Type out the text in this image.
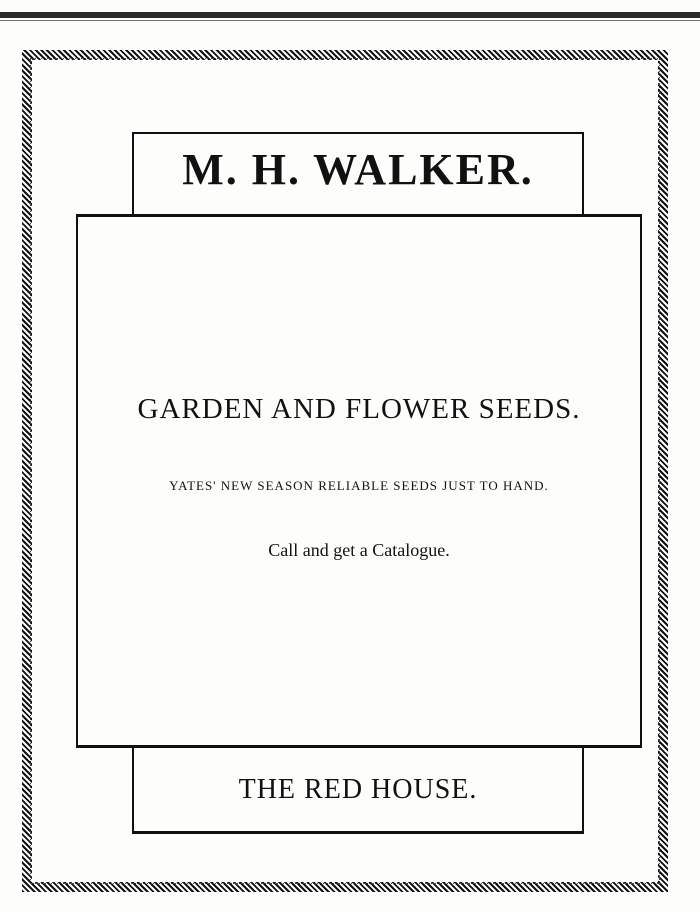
M. H. WALKER.
GARDEN AND FLOWER SEEDS.
YATES' NEW SEASON RELIABLE SEEDS JUST TO HAND.
Call and get a Catalogue.
THE RED HOUSE.
